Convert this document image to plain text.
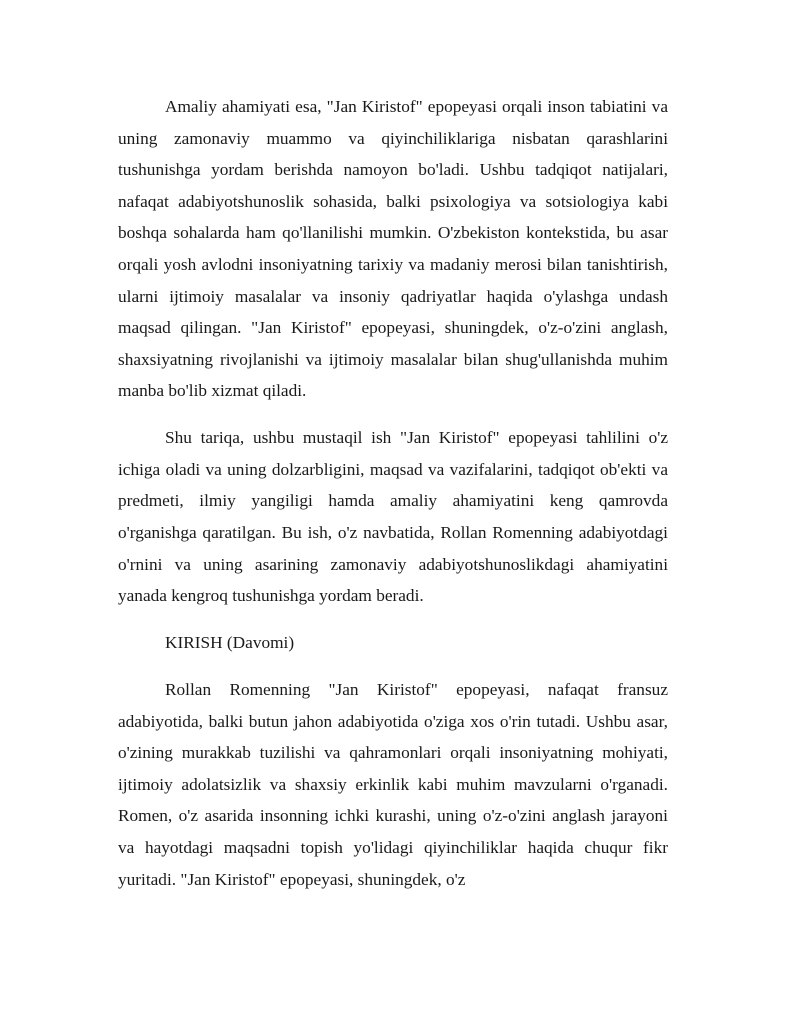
Amaliy ahamiyati esa, "Jan Kiristof" epopeyasi orqali inson tabiatini va uning zamonaviy muammo va qiyinchiliklariga nisbatan qarashlarini tushunishga yordam berishda namoyon bo'ladi. Ushbu tadqiqot natijalari, nafaqat adabiyotshunoslik sohasida, balki psixologiya va sotsiologiya kabi boshqa sohalarda ham qo'llanilishi mumkin. O'zbekiston kontekstida, bu asar orqali yosh avlodni insoniyatning tarixiy va madaniy merosi bilan tanishtirish, ularni ijtimoiy masalalar va insoniy qadriyatlar haqida o'ylashga undash maqsad qilingan. "Jan Kiristof" epopeyasi, shuningdek, o'z-o'zini anglash, shaxsiyatning rivojlanishi va ijtimoiy masalalar bilan shug'ullanishda muhim manba bo'lib xizmat qiladi.

Shu tariqa, ushbu mustaqil ish "Jan Kiristof" epopeyasi tahlilini o'z ichiga oladi va uning dolzarbligini, maqsad va vazifalarini, tadqiqot ob'ekti va predmeti, ilmiy yangiligi hamda amaliy ahamiyatini keng qamrovda o'rganishga qaratilgan. Bu ish, o'z navbatida, Rollan Romenning adabiyotdagi o'rnini va uning asarining zamonaviy adabiyotshunoslikdagi ahamiyatini yanada kengroq tushunishga yordam beradi.

KIRISH (Davomi)

Rollan Romenning "Jan Kiristof" epopeyasi, nafaqat fransuz adabiyotida, balki butun jahon adabiyotida o'ziga xos o'rin tutadi. Ushbu asar, o'zining murakkab tuzilishi va qahramonlari orqali insoniyatning mohiyati, ijtimoiy adolatsizlik va shaxsiy erkinlik kabi muhim mavzularni o'rganadi. Romen, o'z asarida insonning ichki kurashi, uning o'z-o'zini anglash jarayoni va hayotdagi maqsadni topish yo'lidagi qiyinchiliklar haqida chuqur fikr yuritadi. "Jan Kiristof" epopeyasi, shuningdek, o'z
